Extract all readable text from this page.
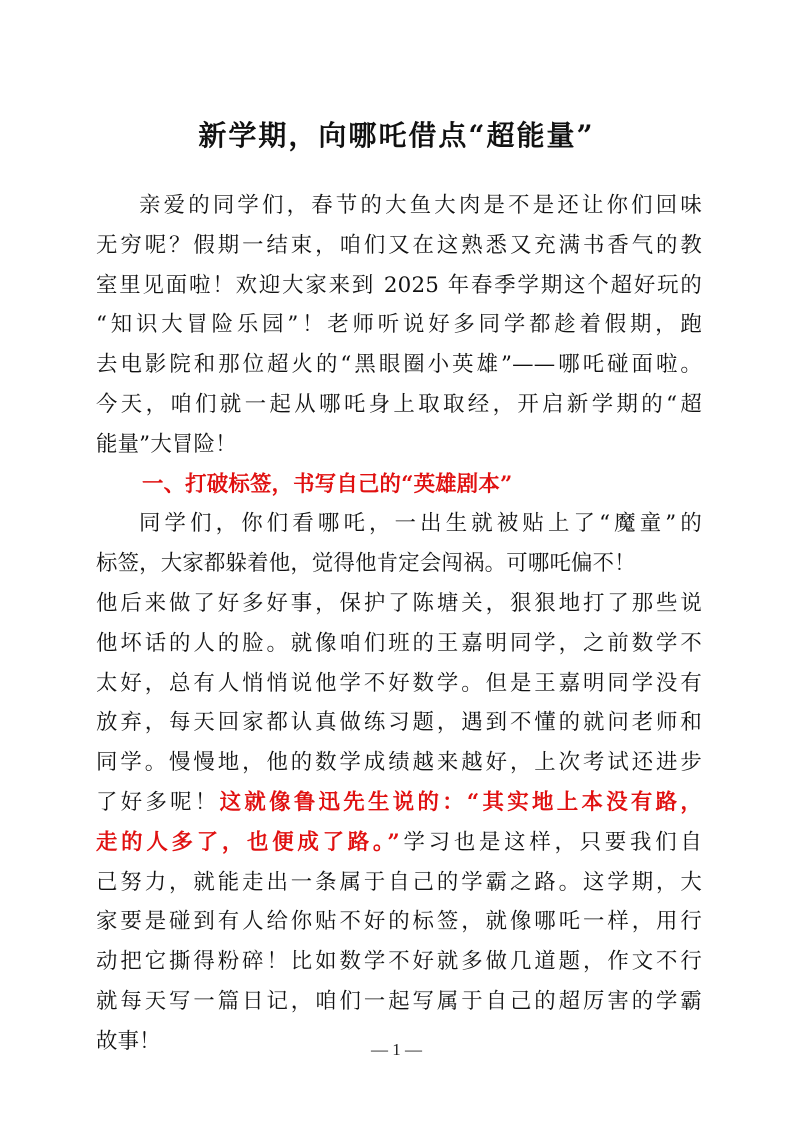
新学期，向哪吒借点“超能量”
亲爱的同学们，春节的大鱼大肉是不是还让你们回味
无穷呢？假期一结束，咱们又在这熟悉又充满书香气的教
室里见面啦！欢迎大家来到 2025 年春季学期这个超好玩的
“知识大冒险乐园”！老师听说好多同学都趁着假期，跑
去电影院和那位超火的“黑眼圈小英雄”——哪吒碰面啦。
今天，咱们就一起从哪吒身上取取经，开启新学期的“超
能量”大冒险！
一、打破标签，书写自己的“英雄剧本”
同学们，你们看哪吒，一出生就被贴上了“魔童”的
标签，大家都躲着他，觉得他肯定会闯祸。可哪吒偏不！
他后来做了好多好事，保护了陈塘关，狠狠地打了那些说
他坏话的人的脸。就像咱们班的王嘉明同学，之前数学不
太好，总有人悄悄说他学不好数学。但是王嘉明同学没有
放弃，每天回家都认真做练习题，遇到不懂的就问老师和
同学。慢慢地，他的数学成绩越来越好，上次考试还进步
了好多呢！这就像鲁迅先生说的：“其实地上本没有路，
走的人多了，也便成了路。”学习也是这样，只要我们自
己努力，就能走出一条属于自己的学霸之路。这学期，大
家要是碰到有人给你贴不好的标签，就像哪吒一样，用行
动把它撕得粉碎！比如数学不好就多做几道题，作文不行
就每天写一篇日记，咱们一起写属于自己的超厉害的学霸
故事！	— 1 —
